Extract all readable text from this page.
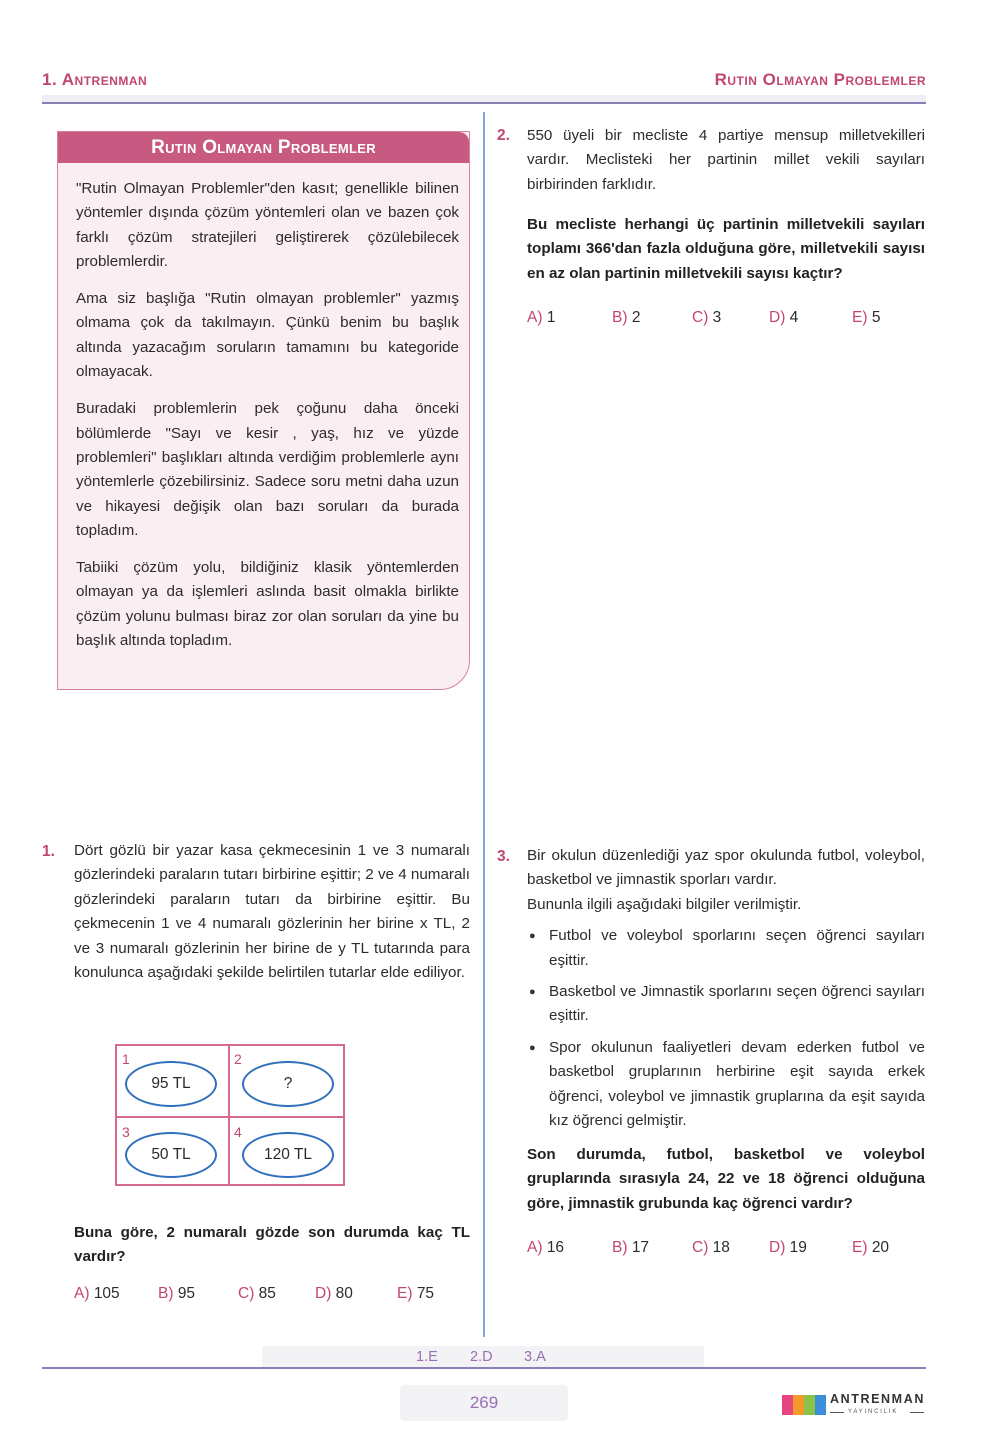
1. Antrenman	Rutin Olmayan Problemler
Rutin Olmayan Problemler

"Rutin Olmayan Problemler"den kasıt; genellikle bilinen yöntemler dışında çözüm yöntemleri olan ve bazen çok farklı çözüm stratejileri geliştirerek çözülebilecek problemlerdir.

Ama siz başlığa "Rutin olmayan problemler" yazmış olmama çok da takılmayın. Çünkü benim bu başlık altında yazacağım soruların tamamını bu kategoride olmayacak.

Buradaki problemlerin pek çoğunu daha önceki bölümlerde "Sayı ve kesir , yaş, hız ve yüzde problemleri" başlıkları altında verdiğim problemlerle aynı yöntemlerle çözebilirsiniz. Sadece soru metni daha uzun ve hikayesi değişik olan bazı soruları da burada topladım.

Tabiiki çözüm yolu, bildiğiniz klasik yöntemlerden olmayan ya da işlemleri aslında basit olmakla birlikte çözüm yolunu bulması biraz zor olan soruları da yine bu başlık altında topladım.

2. 550 üyeli bir mecliste 4 partiye mensup milletvekilleri vardır. Meclisteki her partinin millet vekili sayıları birbirinden farklıdır.
Bu mecliste herhangi üç partinin milletvekili sayıları toplamı 366'dan fazla olduğuna göre, milletvekili sayısı en az olan partinin milletvekili sayısı kaçtır?
A) 1	B) 2	C) 3	D) 4	E) 5
1. Dört gözlü bir yazar kasa çekmecesinin 1 ve 3 numaralı gözlerindeki paraların tutarı birbirine eşittir; 2 ve 4 numaralı gözlerindeki paraların tutarı da birbirine eşittir. Bu çekmecenin 1 ve 4 numaralı gözlerinin her birine x TL, 2 ve 3 numaralı gözlerinin her birine de y TL tutarında para konulunca aşağıdaki şekilde belirtilen tutarlar elde ediliyor.
1	2
3	4
95 TL	?
50 TL	120 TL
Buna göre, 2 numaralı gözde son durumda kaç TL vardır?
A) 105 B) 95	C) 85	D) 80	E) 75
3. Bir okulun düzenlediği yaz spor okulunda futbol, voleybol, basketbol ve jimnastik sporları vardır.
Bununla ilgili aşağıdaki bilgiler verilmiştir.
● Futbol ve voleybol sporlarını seçen öğrenci sayıları eşittir.
● Basketbol ve Jimnastik sporlarını seçen öğrenci sayıları eşittir.
● Spor okulunun faaliyetleri devam ederken futbol ve basketbol gruplarının herbirine eşit sayıda erkek öğrenci, voleybol ve jimnastik gruplarına da eşit sayıda kız öğrenci gelmiştir.
Son durumda, futbol, basketbol ve voleybol gruplarında sırasıyla 24, 22 ve 18 öğrenci olduğuna göre, jimnastik grubunda kaç öğrenci vardır?
A) 16	B) 17	C) 18	D) 19	E) 20
1.E 2.D 3.A
269	ANTRENMAN
YAYINCILIK
